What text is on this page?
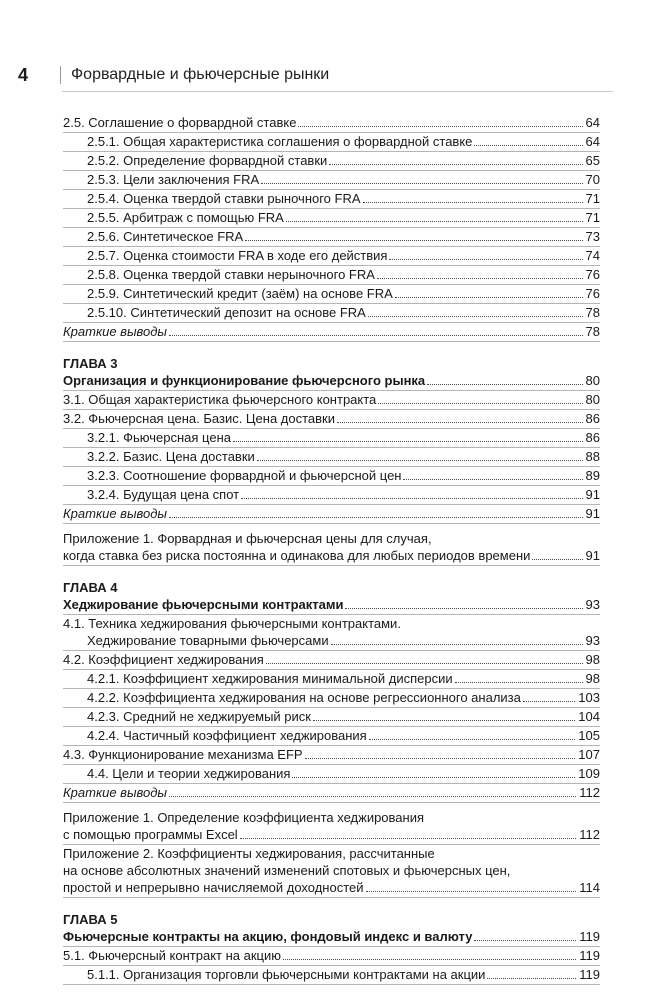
4	Форвардные и фьючерсные рынки
2.5. Соглашение о форвардной ставке	64
2.5.1. Общая характеристика соглашения о форвардной ставке	64
2.5.2. Определение форвардной ставки	65
2.5.3. Цели заключения FRA	70
2.5.4. Оценка твердой ставки рыночного FRA	71
2.5.5. Арбитраж с помощью FRA	71
2.5.6. Синтетическое FRA	73
2.5.7. Оценка стоимости FRA в ходе его действия	74
2.5.8. Оценка твердой ставки нерыночного FRA	76
2.5.9. Синтетический кредит (заём) на основе FRA	76
2.5.10. Синтетический депозит на основе FRA	78
Краткие выводы	78
ГЛАВА 3
Организация и функционирование фьючерсного рынка	80
3.1. Общая характеристика фьючерсного контракта	80
3.2. Фьючерсная цена. Базис. Цена доставки	86
3.2.1. Фьючерсная цена	86
3.2.2. Базис. Цена доставки	88
3.2.3. Соотношение форвардной и фьючерсной цен	89
3.2.4. Будущая цена спот	91
Краткие выводы	91
Приложение 1. Форвардная и фьючерсная цены для случая,
когда ставка без риска постоянна и одинакова для любых периодов времени	91
ГЛАВА 4
Хеджирование фьючерсными контрактами	93
4.1. Техника хеджирования фьючерсными контрактами.
Хеджирование товарными фьючерсами	93
4.2. Коэффициент хеджирования	98
4.2.1. Коэффициент хеджирования минимальной дисперсии	98
4.2.2. Коэффициента хеджирования на основе регрессионного анализа	103
4.2.3. Средний не хеджируемый риск	104
4.2.4. Частичный коэффициент хеджирования	105
4.3. Функционирование механизма EFP	107
4.4. Цели и теории хеджирования	109
Краткие выводы	112
Приложение 1. Определение коэффициента хеджирования
с помощью программы Excel	112
Приложение 2. Коэффициенты хеджирования, рассчитанные
на основе абсолютных значений изменений спотовых и фьючерсных цен,
простой и непрерывно начисляемой доходностей	114
ГЛАВА 5
Фьючерсные контракты на акцию, фондовый индекс и валюту	119
5.1. Фьючерсный контракт на акцию	119
5.1.1. Организация торговли фьючерсными контрактами на акции	119
